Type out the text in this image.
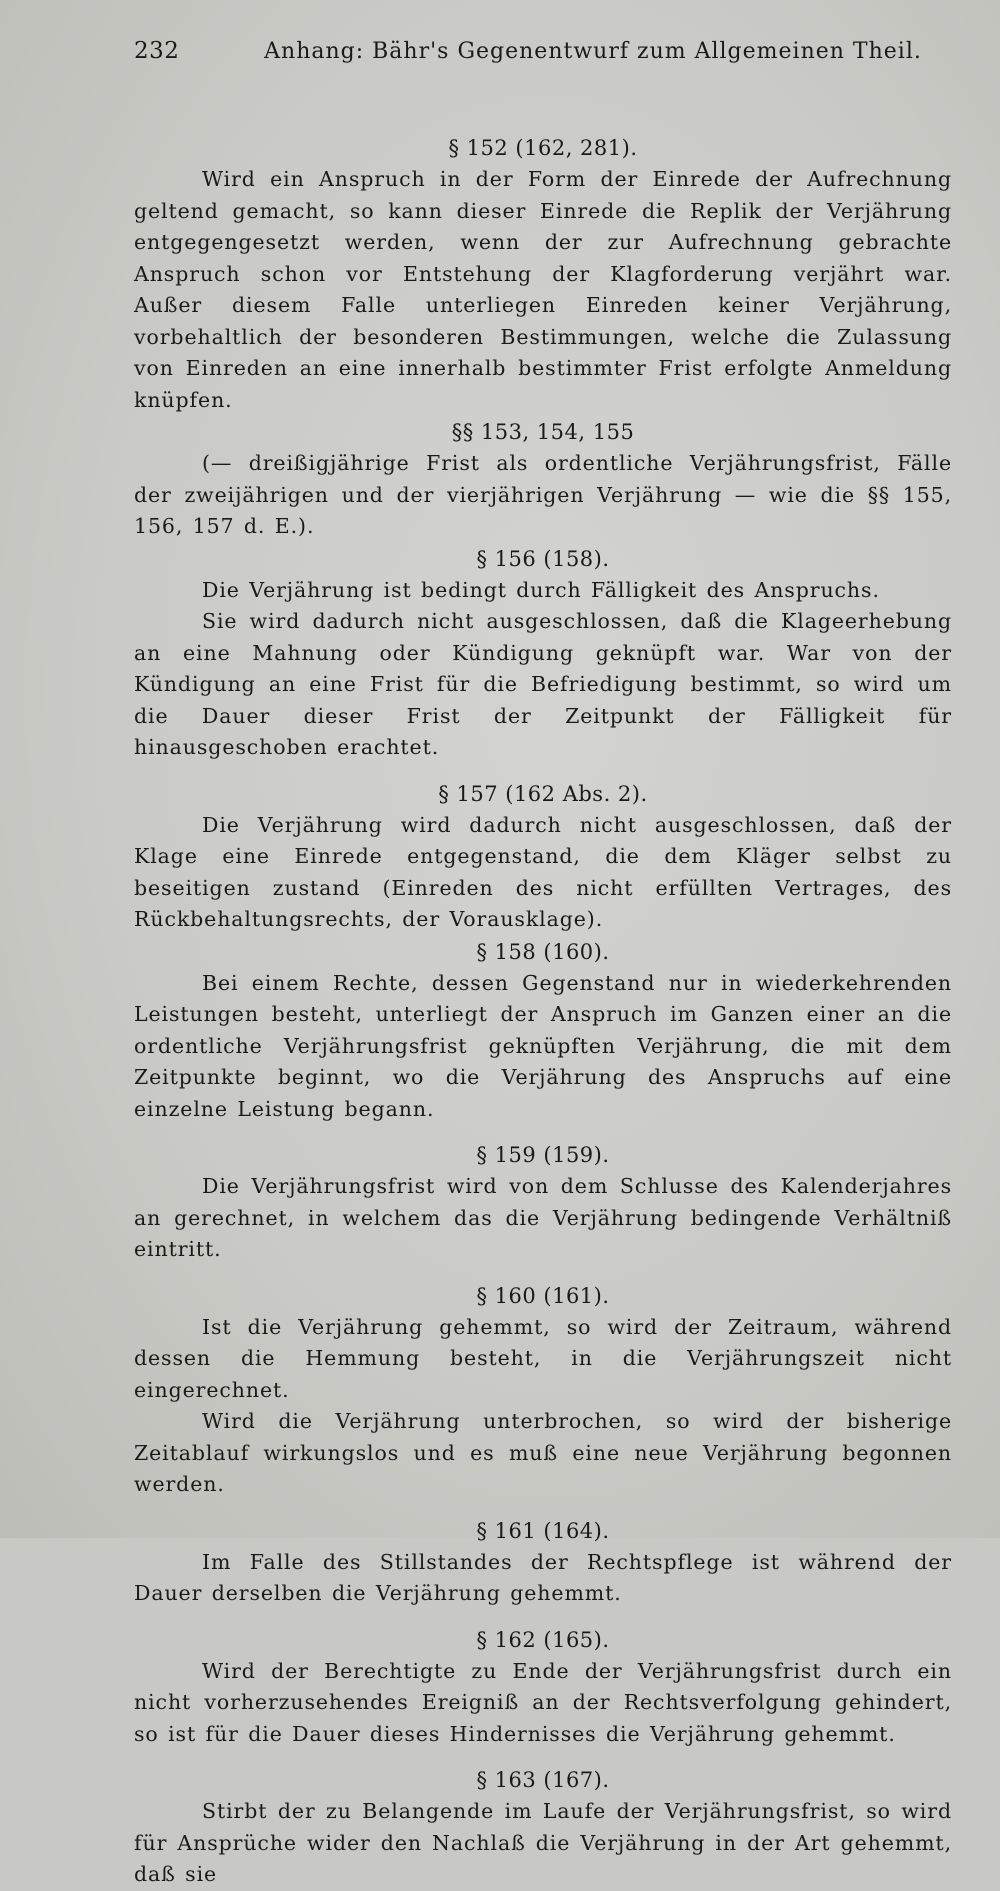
232	Anhang: Bähr's Gegenentwurf zum Allgemeinen Theil.
§ 152 (162, 281).

Wird ein Anspruch in der Form der Einrede der Aufrechnung geltend gemacht, so kann dieser Einrede die Replik der Verjährung entgegengesetzt werden, wenn der zur Aufrechnung gebrachte Anspruch schon vor Entstehung der Klagforderung verjährt war. Außer diesem Falle unterliegen Einreden keiner Verjährung, vorbehaltlich der besonderen Bestimmungen, welche die Zulassung von Einreden an eine innerhalb bestimmter Frist erfolgte Anmeldung knüpfen.

§§ 153, 154, 155

(— dreißigjährige Frist als ordentliche Verjährungsfrist, Fälle der zweijährigen und der vierjährigen Verjährung — wie die §§ 155, 156, 157 d. E.).

§ 156 (158).

Die Verjährung ist bedingt durch Fälligkeit des Anspruchs.

Sie wird dadurch nicht ausgeschlossen, daß die Klageerhebung an eine Mahnung oder Kündigung geknüpft war. War von der Kündigung an eine Frist für die Befriedigung bestimmt, so wird um die Dauer dieser Frist der Zeitpunkt der Fälligkeit für hinausgeschoben erachtet.

§ 157 (162 Abs. 2).

Die Verjährung wird dadurch nicht ausgeschlossen, daß der Klage eine Einrede entgegenstand, die dem Kläger selbst zu beseitigen zustand (Einreden des nicht erfüllten Vertrages, des Rückbehaltungsrechts, der Vorausklage).

§ 158 (160).

Bei einem Rechte, dessen Gegenstand nur in wiederkehrenden Leistungen besteht, unterliegt der Anspruch im Ganzen einer an die ordentliche Verjährungsfrist geknüpften Verjährung, die mit dem Zeitpunkte beginnt, wo die Verjährung des Anspruchs auf eine einzelne Leistung begann.

§ 159 (159).

Die Verjährungsfrist wird von dem Schlusse des Kalenderjahres an gerechnet, in welchem das die Verjährung bedingende Verhältniß eintritt.

§ 160 (161).

Ist die Verjährung gehemmt, so wird der Zeitraum, während dessen die Hemmung besteht, in die Verjährungszeit nicht eingerechnet.

Wird die Verjährung unterbrochen, so wird der bisherige Zeitablauf wirkungslos und es muß eine neue Verjährung begonnen werden.

§ 161 (164).

Im Falle des Stillstandes der Rechtspflege ist während der Dauer derselben die Verjährung gehemmt.

§ 162 (165).

Wird der Berechtigte zu Ende der Verjährungsfrist durch ein nicht vorherzusehendes Ereigniß an der Rechtsverfolgung gehindert, so ist für die Dauer dieses Hindernisses die Verjährung gehemmt.

§ 163 (167).

Stirbt der zu Belangende im Laufe der Verjährungsfrist, so wird für Ansprüche wider den Nachlaß die Verjährung in der Art gehemmt, daß sie
